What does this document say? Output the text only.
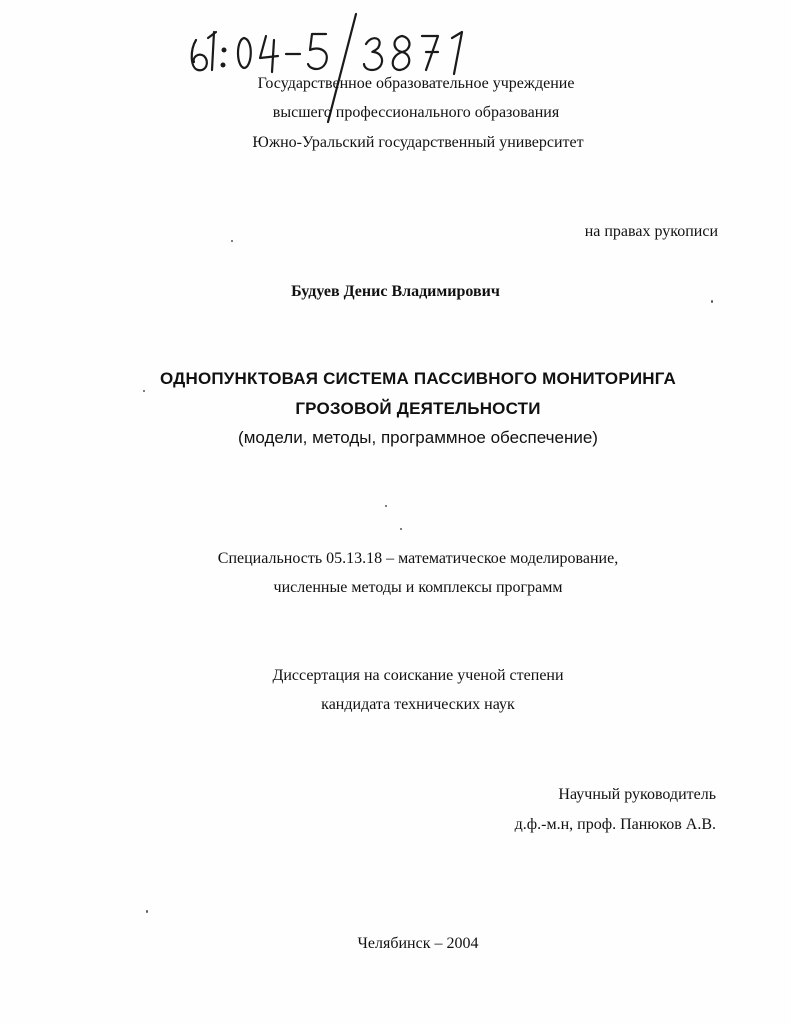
Государственное образовательное учреждение
высшего профессионального образования
Южно-Уральский государственный университет
на правах рукописи
Будуев Денис Владимирович
ОДНОПУНКТОВАЯ СИСТЕМА ПАССИВНОГО МОНИТОРИНГА
ГРОЗОВОЙ ДЕЯТЕЛЬНОСТИ
(модели, методы, программное обеспечение)
Специальность 05.13.18 – математическое моделирование,
численные методы и комплексы программ
Диссертация на соискание ученой степени
кандидата технических наук
Научный руководитель
д.ф.-м.н, проф. Панюков А.В.
Челябинск – 2004
